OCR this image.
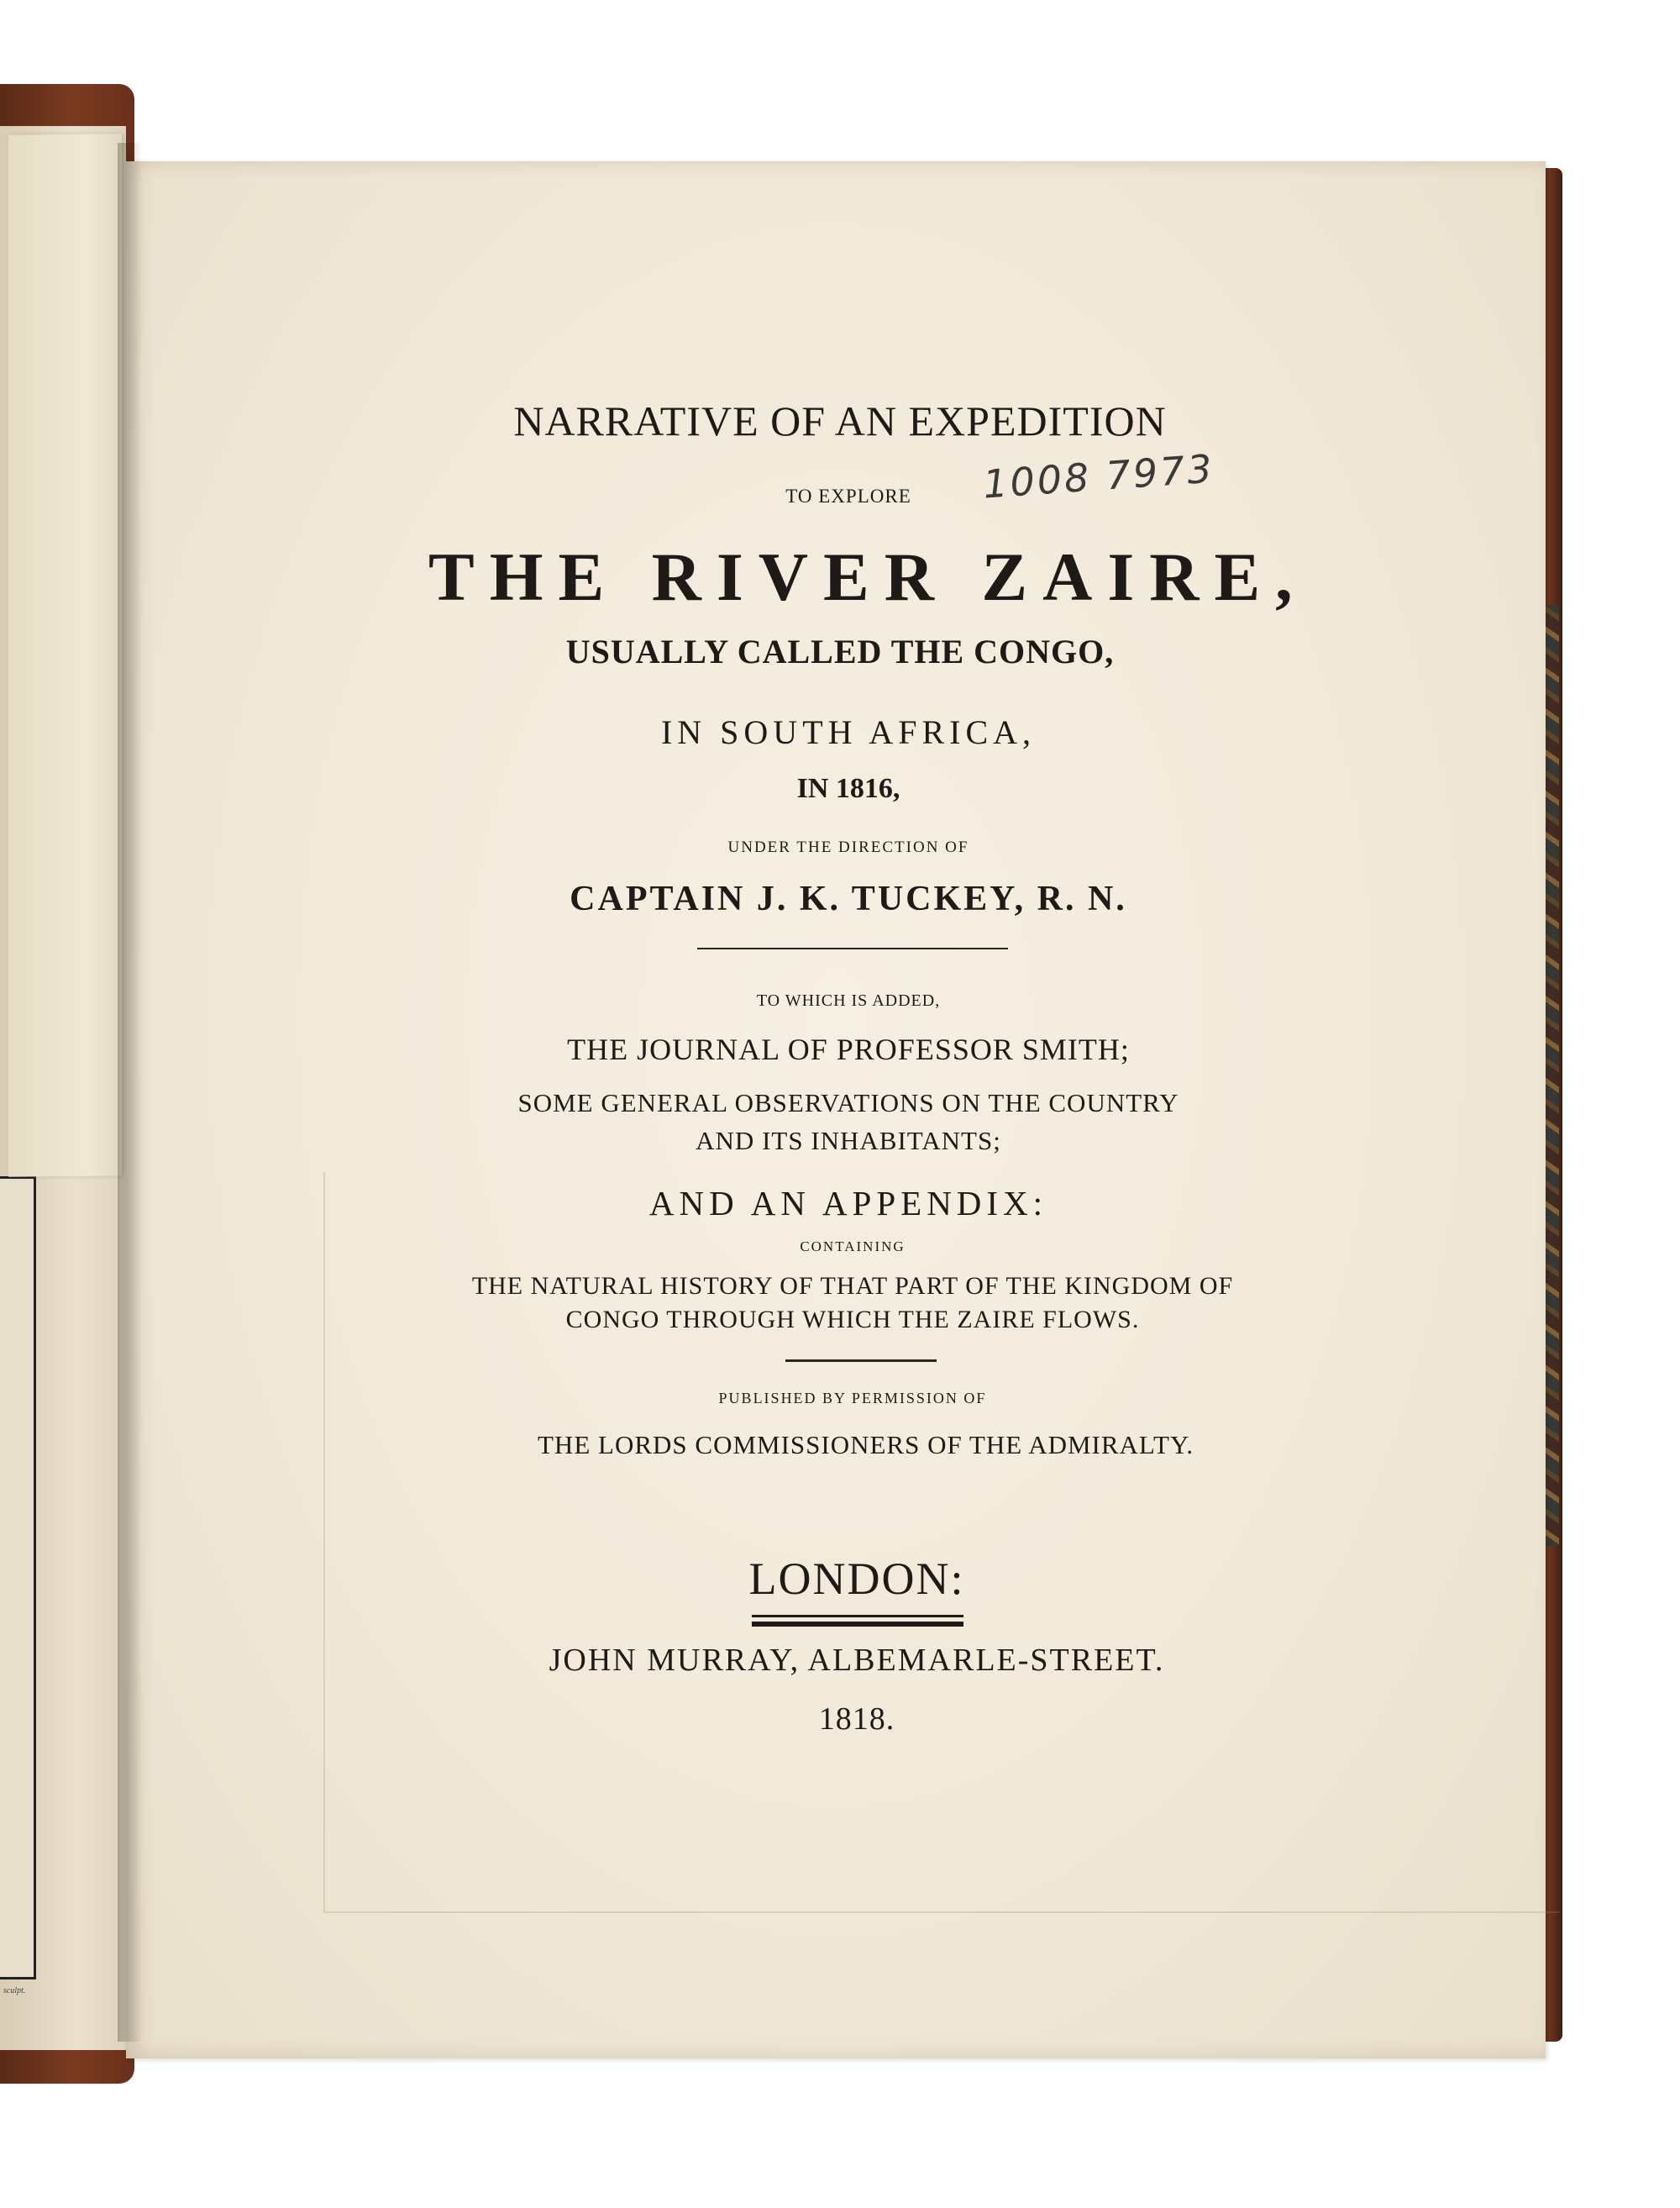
sculpt.
NARRATIVE OF AN EXPEDITION
TO EXPLORE	1008 7973
THE RIVER ZAIRE,
USUALLY CALLED THE CONGO,
IN SOUTH AFRICA,
IN 1816,
UNDER THE DIRECTION OF
CAPTAIN J. K. TUCKEY, R. N.
TO WHICH IS ADDED,
THE JOURNAL OF PROFESSOR SMITH;
SOME GENERAL OBSERVATIONS ON THE COUNTRY
AND ITS INHABITANTS;
AND AN APPENDIX:
CONTAINING
THE NATURAL HISTORY OF THAT PART OF THE KINGDOM OF
CONGO THROUGH WHICH THE ZAIRE FLOWS.
PUBLISHED BY PERMISSION OF
THE LORDS COMMISSIONERS OF THE ADMIRALTY.
LONDON:
JOHN MURRAY, ALBEMARLE-STREET.
1818.
